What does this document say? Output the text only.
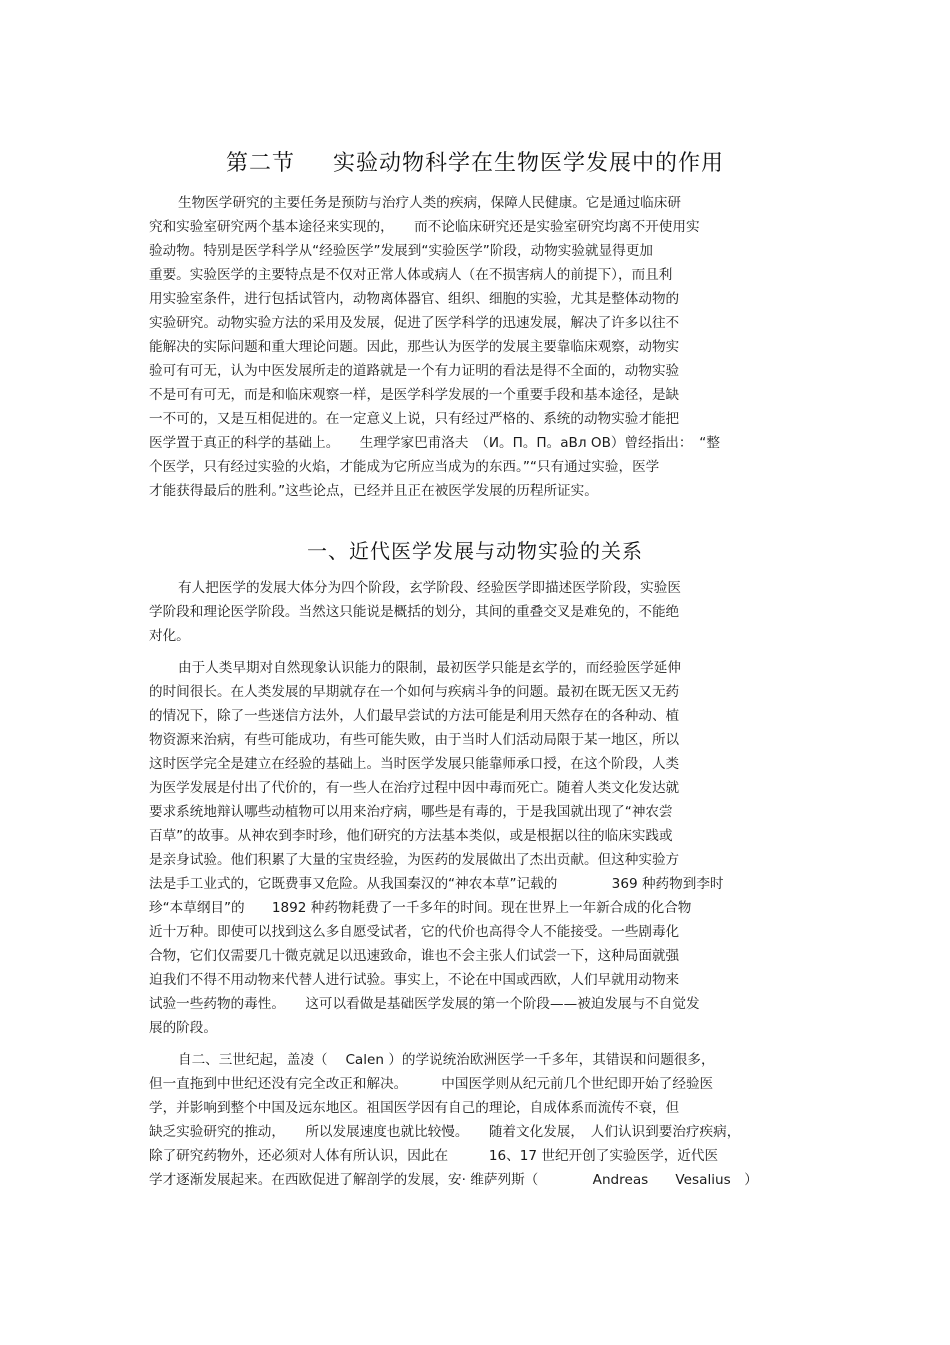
第二节 实验动物科学在生物医学发展中的作用
生物医学研究的主要任务是预防与治疗人类的疾病，保障人民健康。它是通过临床研
究和实验室研究两个基本途径来实现的，　　而不论临床研究还是实验室研究均离不开使用实
验动物。特别是医学科学从“经验医学”发展到“实验医学”阶段，动物实验就显得更加
重要。实验医学的主要特点是不仅对正常人体或病人（在不损害病人的前提下），而且利
用实验室条件，进行包括试管内，动物离体器官、组织、细胞的实验，尤其是整体动物的
实验研究。动物实验方法的采用及发展，促进了医学科学的迅速发展，解决了许多以往不
能解决的实际问题和重大理论问题。因此，那些认为医学的发展主要靠临床观察，动物实
验可有可无，认为中医发展所走的道路就是一个有力证明的看法是得不全面的，动物实验
不是可有可无，而是和临床观察一样，是医学科学发展的一个重要手段和基本途径，是缺
一不可的，又是互相促进的。在一定意义上说，只有经过严格的、系统的动物实验才能把
医学置于真正的科学的基础上。　　生理学家巴甫洛夫　（И。П。П。аВл ОВ）曾经指出：　“整
个医学，只有经过实验的火焰，才能成为它所应当成为的东西。”“只有通过实验，医学
才能获得最后的胜利。”这些论点，已经并且正在被医学发展的历程所证实。
一、近代医学发展与动物实验的关系
有人把医学的发展大体分为四个阶段，玄学阶段、经验医学即描述医学阶段，实验医
学阶段和理论医学阶段。当然这只能说是概括的划分，其间的重叠交叉是难免的，不能绝
对化。
由于人类早期对自然现象认识能力的限制，最初医学只能是玄学的，而经验医学延伸
的时间很长。在人类发展的早期就存在一个如何与疾病斗争的问题。最初在既无医又无药
的情况下，除了一些迷信方法外，人们最早尝试的方法可能是利用天然存在的各种动、植
物资源来治病，有些可能成功，有些可能失败，由于当时人们活动局限于某一地区，所以
这时医学完全是建立在经验的基础上。当时医学发展只能靠师承口授，在这个阶段，人类
为医学发展是付出了代价的，有一些人在治疗过程中因中毒而死亡。随着人类文化发达就
要求系统地辩认哪些动植物可以用来治疗病，哪些是有毒的，于是我国就出现了“神农尝
百草”的故事。从神农到李时珍，他们研究的方法基本类似，或是根据以往的临床实践或
是亲身试验。他们积累了大量的宝贵经验，为医药的发展做出了杰出贡献。但这种实验方
法是手工业式的，它既费事又危险。从我国秦汉的“神农本草”记载的　　　　369 种药物到李时
珍“本草纲目”的　　1892 种药物耗费了一千多年的时间。现在世界上一年新合成的化合物
近十万种。即使可以找到这么多自愿受试者，它的代价也高得令人不能接受。一些剧毒化
合物，它们仅需要几十微克就足以迅速致命，谁也不会主张人们试尝一下，这种局面就强
迫我们不得不用动物来代替人进行试验。事实上，不论在中国或西欧，人们早就用动物来
试验一些药物的毒性。　　这可以看做是基础医学发展的第一个阶段——被迫发展与不自觉发
展的阶段。
自二、三世纪起，盖凌（　 Calen ）的学说统治欧洲医学一千多年，其错误和问题很多，
但一直拖到中世纪还没有完全改正和解决。　　　中国医学则从纪元前几个世纪即开始了经验医
学，并影响到整个中国及远东地区。祖国医学因有自己的理论，自成体系而流传不衰，但
缺乏实验研究的推动，　　所以发展速度也就比较慢。　　随着文化发展，　人们认识到要治疗疾病，
除了研究药物外，还必须对人体有所认识，因此在　　　16、17 世纪开创了实验医学，近代医
学才逐渐发展起来。在西欧促进了解剖学的发展，安· 维萨列斯（　　　　Andreas　　Vesalius　）
